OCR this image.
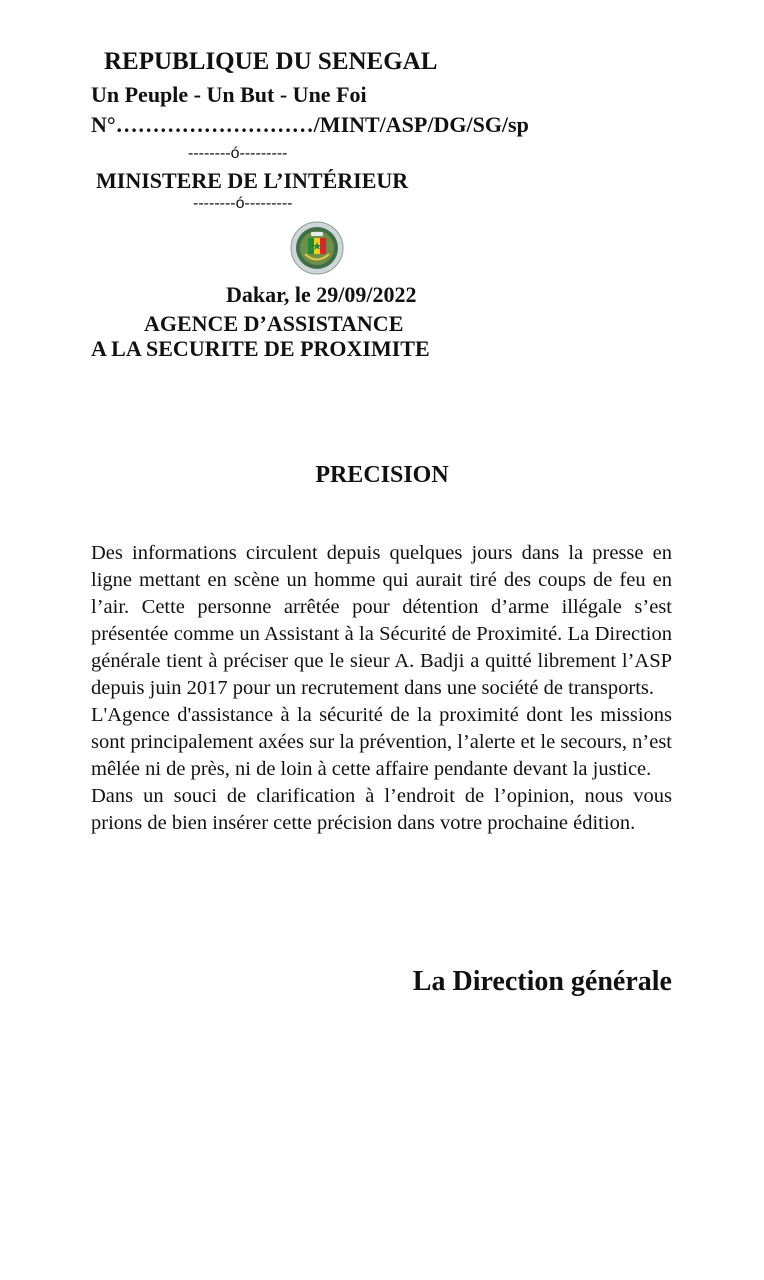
REPUBLIQUE DU SENEGAL
Un Peuple - Un But - Une Foi
N°………………………/MINT/ASP/DG/SG/sp
--------ó---------
MINISTERE DE L’INTÉRIEUR
--------ó---------
Dakar, le 29/09/2022
AGENCE D’ASSISTANCE
A LA SECURITE DE PROXIMITE
PRECISION

Des informations circulent depuis quelques jours dans la presse en ligne mettant en scène un homme qui aurait tiré des coups de feu en l’air. Cette personne arrêtée pour détention d’arme illégale s’est présentée comme un Assistant à la Sécurité de Proximité. La Direction générale tient à préciser que le sieur A. Badji a quitté librement l’ASP depuis juin 2017 pour un recrutement dans une société de transports.

L'Agence d'assistance à la sécurité de la proximité dont les missions sont principalement axées sur la prévention, l’alerte et le secours, n’est mêlée ni de près, ni de loin à cette affaire pendante devant la justice.

Dans un souci de clarification à l’endroit de l’opinion, nous vous prions de bien insérer cette précision dans votre prochaine édition.

La Direction générale
